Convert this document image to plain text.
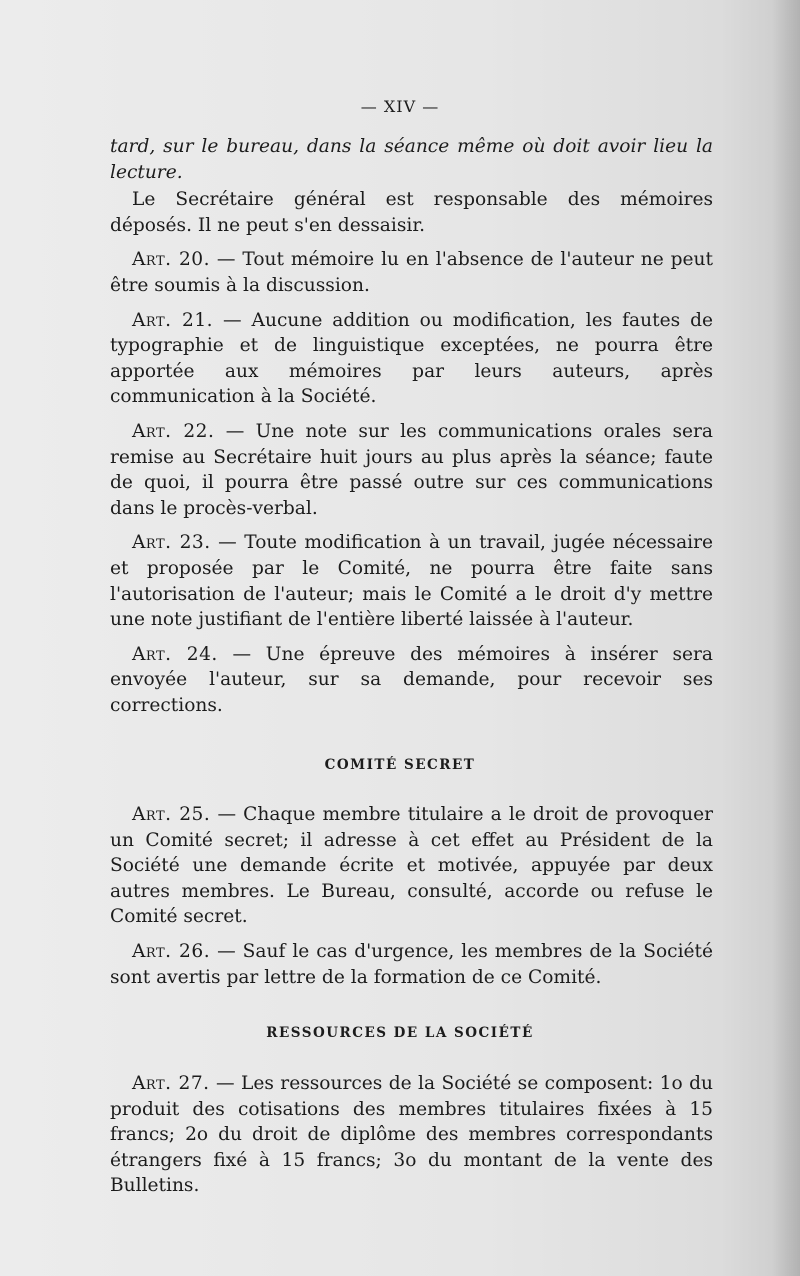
— XIV —

tard, sur le bureau, dans la séance même où doit avoir lieu la lecture.

Le Secrétaire général est responsable des mémoires déposés. Il ne peut s'en dessaisir.

Art. 20. — Tout mémoire lu en l'absence de l'auteur ne peut être soumis à la discussion.

Art. 21. — Aucune addition ou modification, les fautes de typographie et de linguistique exceptées, ne pourra être apportée aux mémoires par leurs auteurs, après communication à la Société.

Art. 22. — Une note sur les communications orales sera remise au Secrétaire huit jours au plus après la séance; faute de quoi, il pourra être passé outre sur ces communications dans le procès-verbal.

Art. 23. — Toute modification à un travail, jugée nécessaire et proposée par le Comité, ne pourra être faite sans l'autorisation de l'auteur; mais le Comité a le droit d'y mettre une note justifiant de l'entière liberté laissée à l'auteur.

Art. 24. — Une épreuve des mémoires à insérer sera envoyée l'auteur, sur sa demande, pour recevoir ses corrections.

COMITÉ SECRET

Art. 25. — Chaque membre titulaire a le droit de provoquer un Comité secret; il adresse à cet effet au Président de la Société une demande écrite et motivée, appuyée par deux autres membres. Le Bureau, consulté, accorde ou refuse le Comité secret.

Art. 26. — Sauf le cas d'urgence, les membres de la Société sont avertis par lettre de la formation de ce Comité.

RESSOURCES DE LA SOCIÉTÉ

Art. 27. — Les ressources de la Société se composent: 1o du produit des cotisations des membres titulaires fixées à 15 francs; 2o du droit de diplôme des membres correspondants étrangers fixé à 15 francs; 3o du montant de la vente des Bulletins.
